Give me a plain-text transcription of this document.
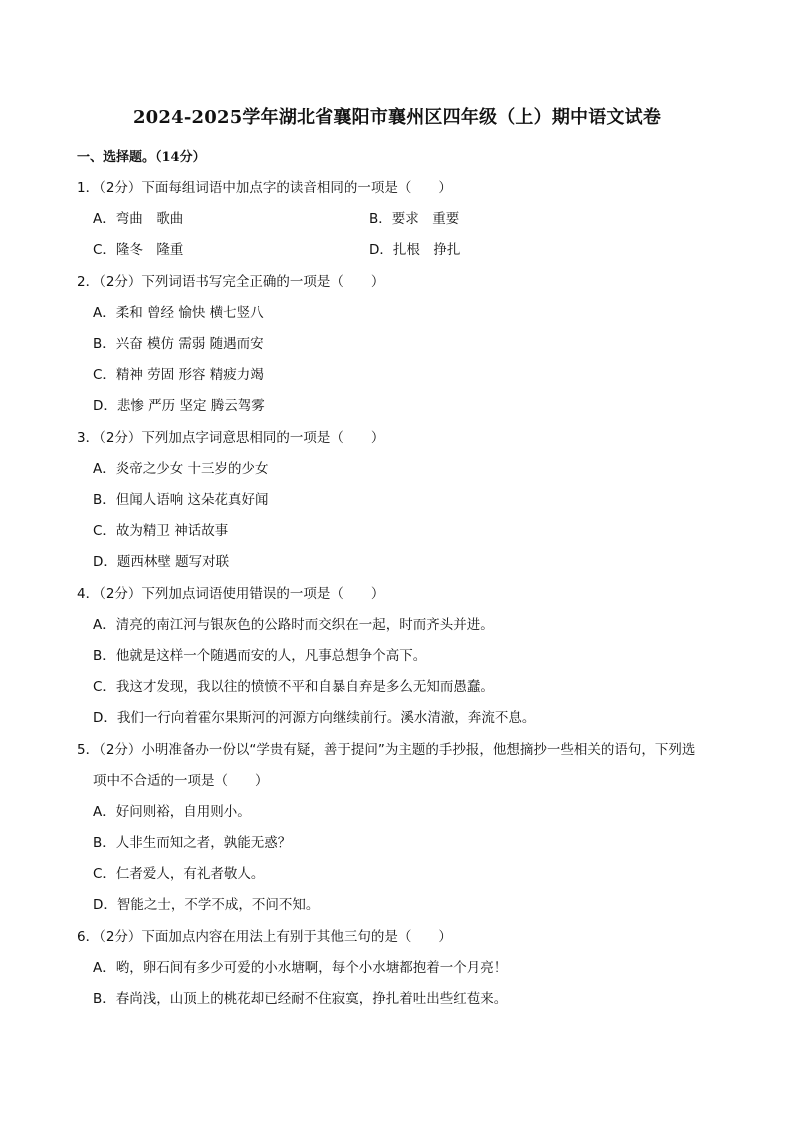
2024-2025学年湖北省襄阳市襄州区四年级（上）期中语文试卷
一、选择题。（14分）
1．（2分）下面每组词语中加点字的读音相同的一项是（　　）
A．弯曲　歌曲	B．要求　重要
C．隆冬　隆重	D．扎根　挣扎
2．（2分）下列词语书写完全正确的一项是（　　）
A．柔和 曾经 愉快 横七竖八
B．兴奋 模仿 需弱 随遇而安
C．精神 劳固 形容 精疲力竭
D．悲惨 严历 坚定 腾云驾雾
3．（2分）下列加点字词意思相同的一项是（　　）
A．炎帝之少女 十三岁的少女
B．但闻人语响 这朵花真好闻
C．故为精卫 神话故事
D．题西林壁 题写对联
4．（2分）下列加点词语使用错误的一项是（　　）
A．清亮的南江河与银灰色的公路时而交织在一起，时而齐头并进。
B．他就是这样一个随遇而安的人，凡事总想争个高下。
C．我这才发现，我以往的愤愤不平和自暴自弃是多么无知而愚蠢。
D．我们一行向着霍尔果斯河的河源方向继续前行。溪水清澈，奔流不息。
5．（2分）小明准备办一份以“学贵有疑，善于提问”为主题的手抄报，他想摘抄一些相关的语句，下列选
项中不合适的一项是（　　）
A．好问则裕，自用则小。
B．人非生而知之者，孰能无惑？
C．仁者爱人，有礼者敬人。
D．智能之士，不学不成，不问不知。
6．（2分）下面加点内容在用法上有别于其他三句的是（　　）
A．哟，卵石间有多少可爱的小水塘啊，每个小水塘都抱着一个月亮！
B．春尚浅，山顶上的桃花却已经耐不住寂寞，挣扎着吐出些红苞来。
